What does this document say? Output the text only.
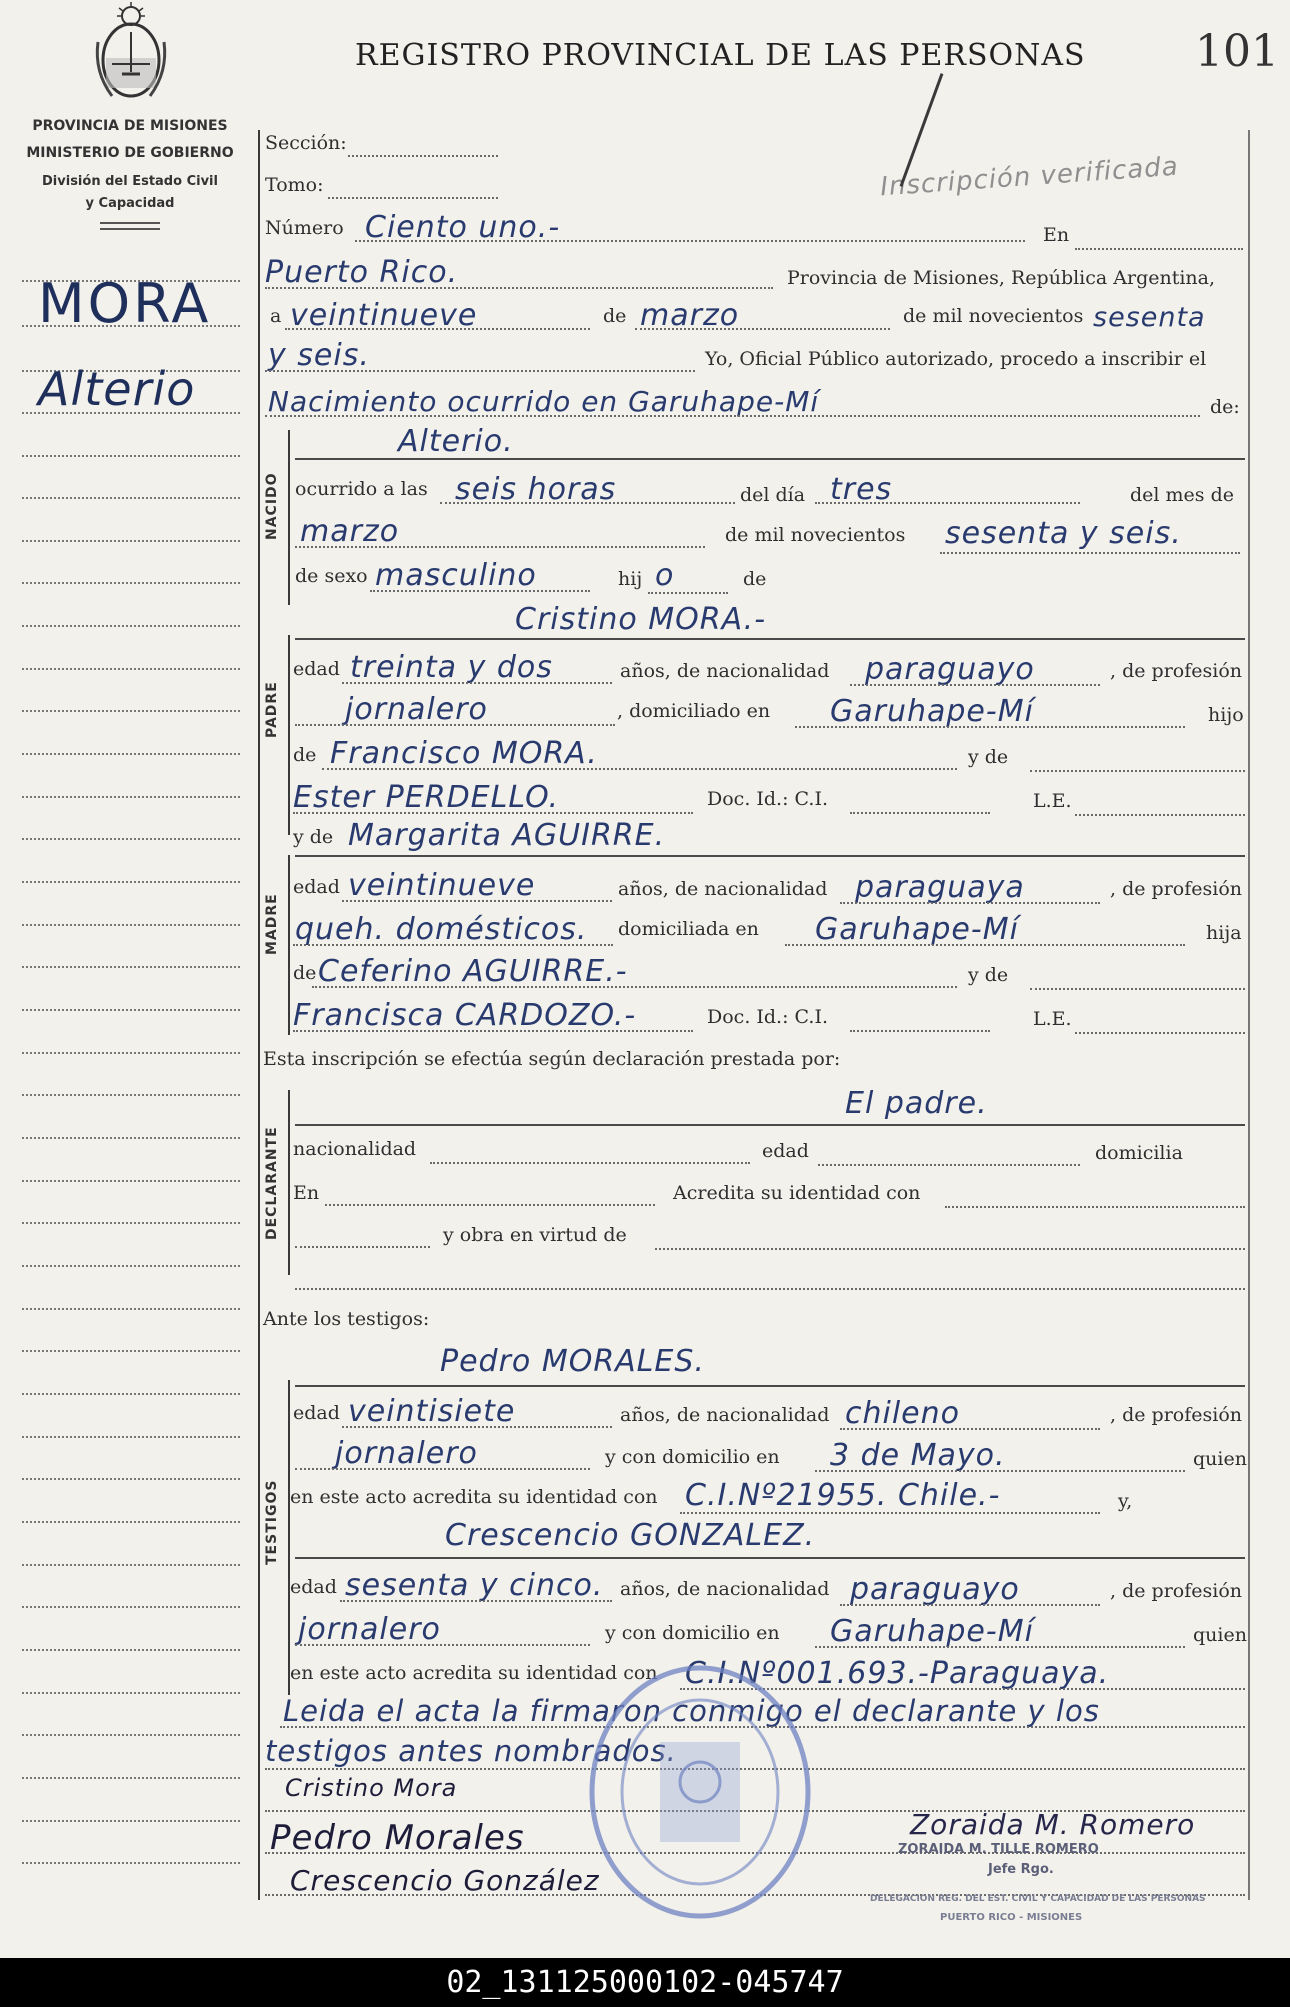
PROVINCIA DE MISIONES
MINISTERIO DE GOBIERNO
División del Estado Civil
y Capacidad
REGISTRO PROVINCIAL DE LAS PERSONAS 101
Inscripción verificada
MORA
Alterio
NACIDO
PADRE
MADRE
DECLARANTE
TESTIGOS
Sección:
Tomo:
Número Ciento uno.-	En
Puerto Rico.	Provincia de Misiones, República Argentina,
a veintinueve	de marzo	de mil novecientos sesenta
y seis.	Yo, Oficial Público autorizado, procedo a inscribir el
Nacimiento ocurrido en Garuhape-Mí	de:
Alterio.
ocurrido a las seis horas	del día tres	del mes de
marzo	de mil novecientos sesenta y seis.
de sexo masculino	hij o	de
Cristino MORA.-
edad treinta y dos	años, de nacionalidad paraguayo	, de profesión
jornalero	, domiciliado en Garuhape-Mí	hijo
de Francisco MORA.	y de
Ester PERDELLO.	Doc. Id.: C.I.	L.E.
y de Margarita AGUIRRE.
edad veintinueve	años, de nacionalidad paraguaya	, de profesión
queh. domésticos. domiciliada en Garuhape-Mí	hija
de Ceferino AGUIRRE.-	y de
Francisca CARDOZO.-	Doc. Id.: C.I.	L.E.
Esta inscripción se efectúa según declaración prestada por:
El padre.
nacionalidad	edad	domicilia
En	Acredita su identidad con
y obra en virtud de
Ante los testigos:
Pedro MORALES.
edad veintisiete	años, de nacionalidad chileno	, de profesión
jornalero	y con domicilio en 3 de Mayo.	quien
en este acto acredita su identidad con C.I.Nº21955. Chile.-	y,
Crescencio GONZALEZ.
edad sesenta y cinco. años, de nacionalidad paraguayo	, de profesión
jornalero	y con domicilio en Garuhape-Mí	quien
en este acto acredita su identidad con C.I.Nº001.693.-Paraguaya.
Leida el acta la firmaron conmigo el declarante y los
testigos antes nombrados.
Cristino Mora
Pedro Morales
Crescencio González
Zoraida M. Romero
ZORAIDA M. TILLE ROMERO
Jefe Rgo.
DELEGACION REG. DEL EST. CIVIL Y CAPACIDAD DE LAS PERSONAS
PUERTO RICO - MISIONES
02_131125000102-045747
